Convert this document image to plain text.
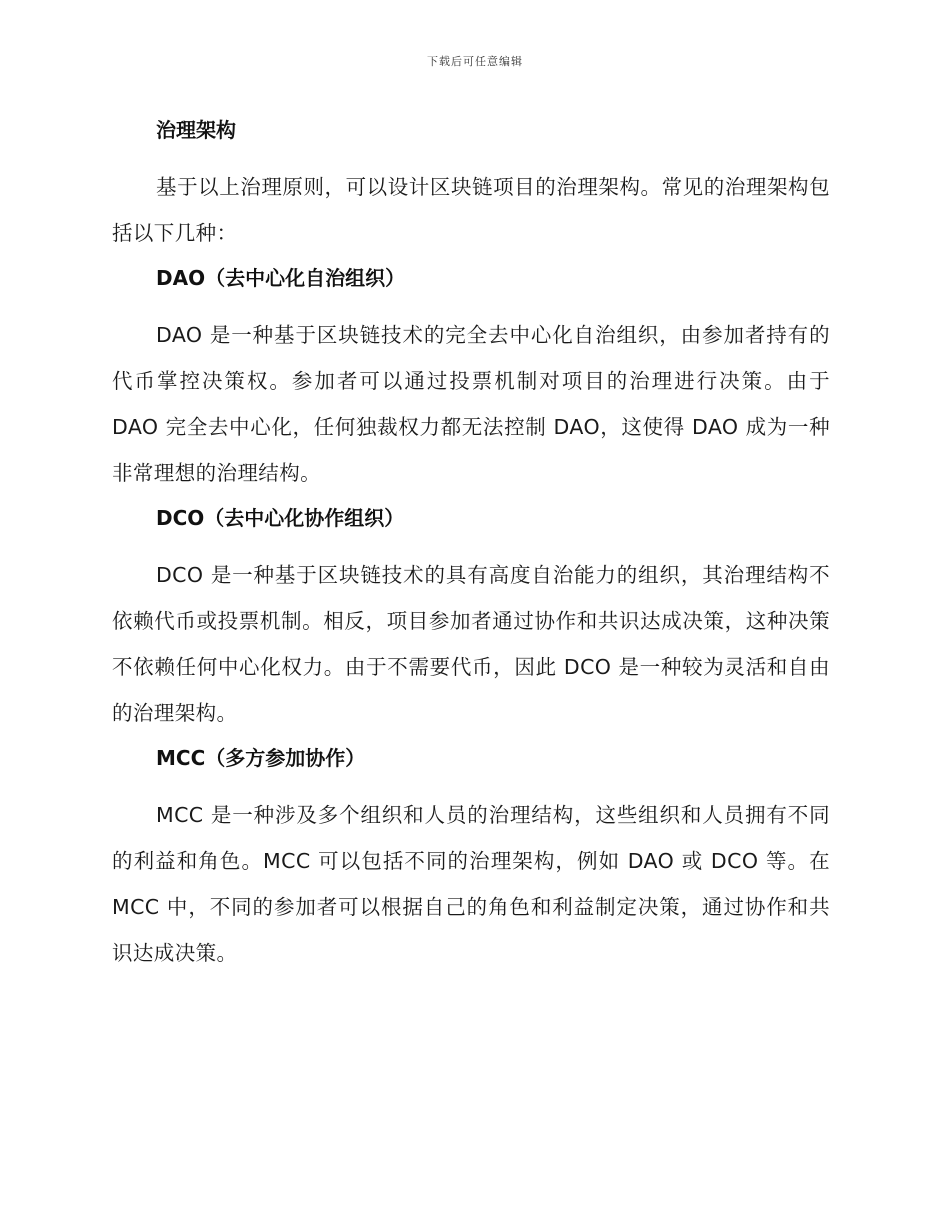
下载后可任意编辑
治理架构

基于以上治理原则，可以设计区块链项目的治理架构。常见的治理架构包括以下几种：

DAO（去中心化自治组织）

DAO 是一种基于区块链技术的完全去中心化自治组织，由参加者持有的代币掌控决策权。参加者可以通过投票机制对项目的治理进行决策。由于 DAO 完全去中心化，任何独裁权力都无法控制 DAO，这使得 DAO 成为一种非常理想的治理结构。

DCO（去中心化协作组织）

DCO 是一种基于区块链技术的具有高度自治能力的组织，其治理结构不依赖代币或投票机制。相反，项目参加者通过协作和共识达成决策，这种决策不依赖任何中心化权力。由于不需要代币，因此 DCO 是一种较为灵活和自由的治理架构。

MCC（多方参加协作）

MCC 是一种涉及多个组织和人员的治理结构，这些组织和人员拥有不同的利益和角色。MCC 可以包括不同的治理架构，例如 DAO 或 DCO 等。在 MCC 中，不同的参加者可以根据自己的角色和利益制定决策，通过协作和共识达成决策。
